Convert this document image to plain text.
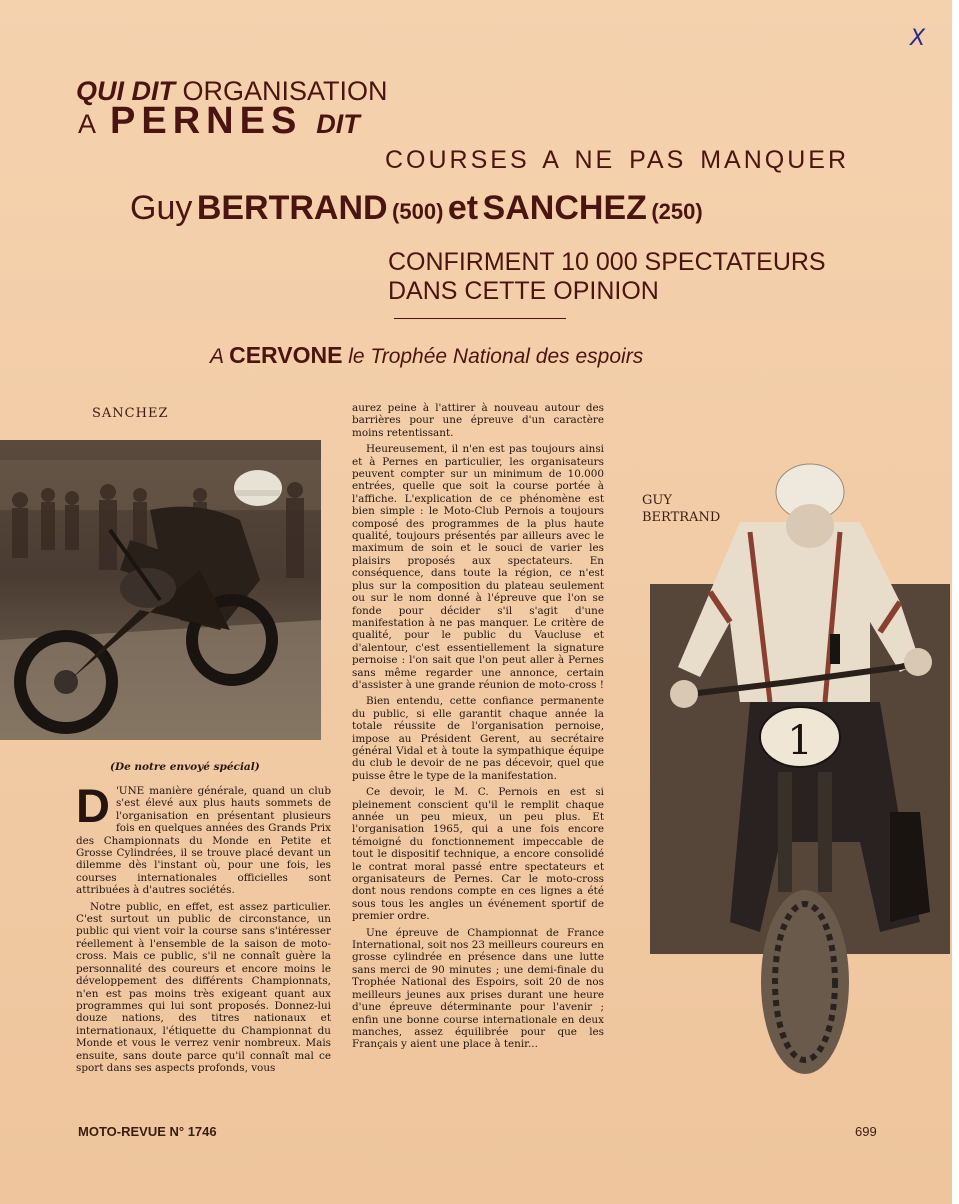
X
QUI DIT ORGANISATION
A PERNES DIT
COURSES A NE PAS MANQUER
Guy BERTRAND (500) et SANCHEZ (250)
CONFIRMENT 10 000 SPECTATEURS
DANS CETTE OPINION
A CERVONE le Trophée National des espoirs
SANCHEZ
GUY
BERTRAND
1
(De notre envoyé spécial)

D 'UNE manière générale, quand un club s'est élevé aux plus hauts sommets de l'organisation en présentant plusieurs fois en quelques années des Grands Prix des Championnats du Monde en Petite et Grosse Cylindrées, il se trouve placé devant un dilemme dès l'instant où, pour une fois, les courses internationales officielles sont attribuées à d'autres sociétés.

Notre public, en effet, est assez particulier. C'est surtout un public de circonstance, un public qui vient voir la course sans s'intéresser réellement à l'ensemble de la saison de moto-cross. Mais ce public, s'il ne connaît guère la personnalité des coureurs et encore moins le développement des différents Championnats, n'en est pas moins très exigeant quant aux programmes qui lui sont proposés. Donnez-lui douze nations, des titres nationaux et internationaux, l'étiquette du Championnat du Monde et vous le verrez venir nombreux. Mais ensuite, sans doute parce qu'il connaît mal ce sport dans ses aspects profonds, vous

aurez peine à l'attirer à nouveau autour des barrières pour une épreuve d'un caractère moins retentissant.

Heureusement, il n'en est pas toujours ainsi et à Pernes en particulier, les organisateurs peuvent compter sur un minimum de 10.000 entrées, quelle que soit la course portée à l'affiche. L'explication de ce phénomène est bien simple : le Moto-Club Pernois a toujours composé des programmes de la plus haute qualité, toujours présentés par ailleurs avec le maximum de soin et le souci de varier les plaisirs proposés aux spectateurs. En conséquence, dans toute la région, ce n'est plus sur la composition du plateau seulement ou sur le nom donné à l'épreuve que l'on se fonde pour décider s'il s'agit d'une manifestation à ne pas manquer. Le critère de qualité, pour le public du Vaucluse et d'alentour, c'est essentiellement la signature pernoise : l'on sait que l'on peut aller à Pernes sans même regarder une annonce, certain d'assister à une grande réunion de moto-cross !

Bien entendu, cette confiance permanente du public, si elle garantit chaque année la totale réussite de l'organisation pernoise, impose au Président Gerent, au secrétaire général Vidal et à toute la sympathique équipe du club le devoir de ne pas décevoir, quel que puisse être le type de la manifestation.

Ce devoir, le M. C. Pernois en est si pleinement conscient qu'il le remplit chaque année un peu mieux, un peu plus. Et l'organisation 1965, qui a une fois encore témoigné du fonctionnement impeccable de tout le dispositif technique, a encore consolidé le contrat moral passé entre spectateurs et organisateurs de Pernes. Car le moto-cross dont nous rendons compte en ces lignes a été sous tous les angles un événement sportif de premier ordre.

Une épreuve de Championnat de France International, soit nos 23 meilleurs coureurs en grosse cylindrée en présence dans une lutte sans merci de 90 minutes ; une demi-finale du Trophée National des Espoirs, soit 20 de nos meilleurs jeunes aux prises durant une heure d'une épreuve déterminante pour l'avenir ; enfin une bonne course internationale en deux manches, assez équilibrée pour que les Français y aient une place à tenir...

MOTO-REVUE N° 1746	699
